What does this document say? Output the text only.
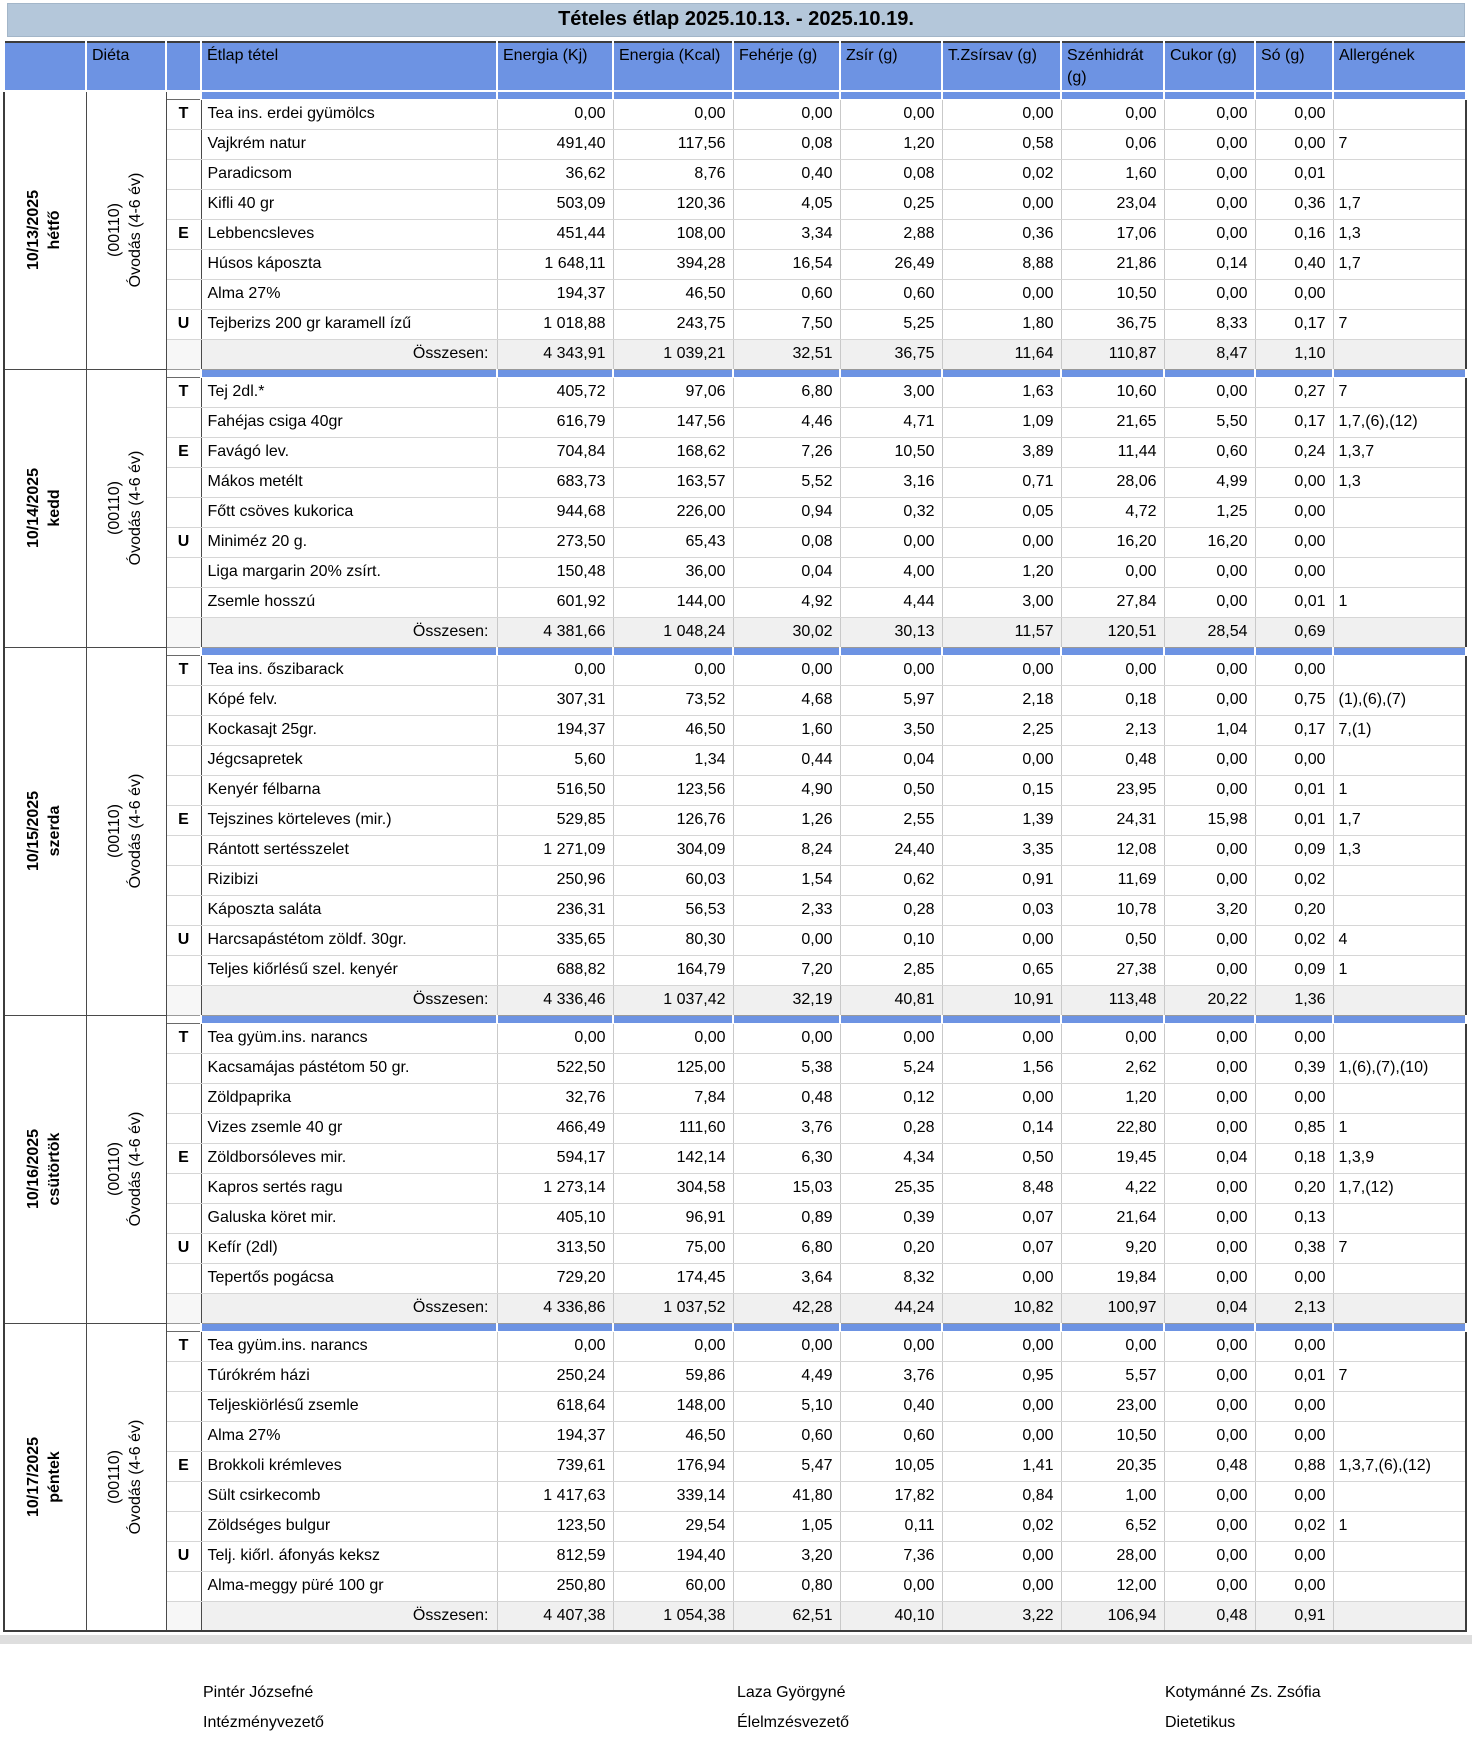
Tételes étlap 2025.10.13. - 2025.10.19.
	Diéta		Étlap tétel	Energia (Kj)	Energia (Kcal)	Fehérje (g)	Zsír (g)	T.Zsírsav (g)	Szénhidrát (g)	Cukor (g)	Só (g)	Allergének

10/13/2025 hétfő	(00110) Óvodás (4-6 év)											

		T	Tea ins. erdei gyümölcs	0,00	0,00	0,00	0,00	0,00	0,00	0,00	0,00	
			Vajkrém natur	491,40	117,56	0,08	1,20	0,58	0,06	0,00	0,00	7
			Paradicsom	36,62	8,76	0,40	0,08	0,02	1,60	0,00	0,01	
			Kifli 40 gr	503,09	120,36	4,05	0,25	0,00	23,04	0,00	0,36	1,7
		E	Lebbencsleves	451,44	108,00	3,34	2,88	0,36	17,06	0,00	0,16	1,3
			Húsos káposzta	1 648,11	394,28	16,54	26,49	8,88	21,86	0,14	0,40	1,7
			Alma 27%	194,37	46,50	0,60	0,60	0,00	10,50	0,00	0,00	
		U	Tejberizs 200 gr karamell ízű	1 018,88	243,75	7,50	5,25	1,80	36,75	8,33	0,17	7
			Összesen:	4 343,91	1 039,21	32,51	36,75	11,64	110,87	8,47	1,10	

10/14/2025 kedd	(00110) Óvodás (4-6 év)											

		T	Tej 2dl.*	405,72	97,06	6,80	3,00	1,63	10,60	0,00	0,27	7
			Fahéjas csiga 40gr	616,79	147,56	4,46	4,71	1,09	21,65	5,50	0,17	1,7,(6),(12)
		E	Favágó lev.	704,84	168,62	7,26	10,50	3,89	11,44	0,60	0,24	1,3,7
			Mákos metélt	683,73	163,57	5,52	3,16	0,71	28,06	4,99	0,00	1,3
			Főtt csöves kukorica	944,68	226,00	0,94	0,32	0,05	4,72	1,25	0,00	
		U	Miniméz 20 g.	273,50	65,43	0,08	0,00	0,00	16,20	16,20	0,00	
			Liga margarin 20% zsírt.	150,48	36,00	0,04	4,00	1,20	0,00	0,00	0,00	
			Zsemle hosszú	601,92	144,00	4,92	4,44	3,00	27,84	0,00	0,01	1
			Összesen:	4 381,66	1 048,24	30,02	30,13	11,57	120,51	28,54	0,69	

10/15/2025 szerda	(00110) Óvodás (4-6 év)											

		T	Tea ins. őszibarack	0,00	0,00	0,00	0,00	0,00	0,00	0,00	0,00	
			Kópé felv.	307,31	73,52	4,68	5,97	2,18	0,18	0,00	0,75	(1),(6),(7)
			Kockasajt 25gr.	194,37	46,50	1,60	3,50	2,25	2,13	1,04	0,17	7,(1)
			Jégcsapretek	5,60	1,34	0,44	0,04	0,00	0,48	0,00	0,00	
			Kenyér félbarna	516,50	123,56	4,90	0,50	0,15	23,95	0,00	0,01	1
		E	Tejszines körteleves (mir.)	529,85	126,76	1,26	2,55	1,39	24,31	15,98	0,01	1,7
			Rántott sertésszelet	1 271,09	304,09	8,24	24,40	3,35	12,08	0,00	0,09	1,3
			Rizibizi	250,96	60,03	1,54	0,62	0,91	11,69	0,00	0,02	
			Káposzta saláta	236,31	56,53	2,33	0,28	0,03	10,78	3,20	0,20	
		U	Harcsapástétom zöldf. 30gr.	335,65	80,30	0,00	0,10	0,00	0,50	0,00	0,02	4
			Teljes kiőrlésű szel. kenyér	688,82	164,79	7,20	2,85	0,65	27,38	0,00	0,09	1
			Összesen:	4 336,46	1 037,42	32,19	40,81	10,91	113,48	20,22	1,36	

10/16/2025 csütörtök	(00110) Óvodás (4-6 év)											

		T	Tea gyüm.ins. narancs	0,00	0,00	0,00	0,00	0,00	0,00	0,00	0,00	
			Kacsamájas pástétom 50 gr.	522,50	125,00	5,38	5,24	1,56	2,62	0,00	0,39	1,(6),(7),(10)
			Zöldpaprika	32,76	7,84	0,48	0,12	0,00	1,20	0,00	0,00	
			Vizes zsemle 40 gr	466,49	111,60	3,76	0,28	0,14	22,80	0,00	0,85	1
		E	Zöldborsóleves mir.	594,17	142,14	6,30	4,34	0,50	19,45	0,04	0,18	1,3,9
			Kapros sertés ragu	1 273,14	304,58	15,03	25,35	8,48	4,22	0,00	0,20	1,7,(12)
			Galuska köret mir.	405,10	96,91	0,89	0,39	0,07	21,64	0,00	0,13	
		U	Kefír (2dl)	313,50	75,00	6,80	0,20	0,07	9,20	0,00	0,38	7
			Tepertős pogácsa	729,20	174,45	3,64	8,32	0,00	19,84	0,00	0,00	
			Összesen:	4 336,86	1 037,52	42,28	44,24	10,82	100,97	0,04	2,13	

10/17/2025 péntek	(00110) Óvodás (4-6 év)											

		T	Tea gyüm.ins. narancs	0,00	0,00	0,00	0,00	0,00	0,00	0,00	0,00	
			Túrókrém házi	250,24	59,86	4,49	3,76	0,95	5,57	0,00	0,01	7
			Teljeskiörlésű zsemle	618,64	148,00	5,10	0,40	0,00	23,00	0,00	0,00	
			Alma 27%	194,37	46,50	0,60	0,60	0,00	10,50	0,00	0,00	
		E	Brokkoli krémleves	739,61	176,94	5,47	10,05	1,41	20,35	0,48	0,88	1,3,7,(6),(12)
			Sült csirkecomb	1 417,63	339,14	41,80	17,82	0,84	1,00	0,00	0,00	
			Zöldséges bulgur	123,50	29,54	1,05	0,11	0,02	6,52	0,00	0,02	1
		U	Telj. kiőrl. áfonyás keksz	812,59	194,40	3,20	7,36	0,00	28,00	0,00	0,00	
			Alma-meggy püré 100 gr	250,80	60,00	0,80	0,00	0,00	12,00	0,00	0,00	
			Összesen:	4 407,38	1 054,38	62,51	40,10	3,22	106,94	0,48	0,91	
Pintér Józsefné
Intézményvezető
Laza Györgyné
Élelmzésvezető
Kotymánné Zs. Zsófia
Dietetikus
